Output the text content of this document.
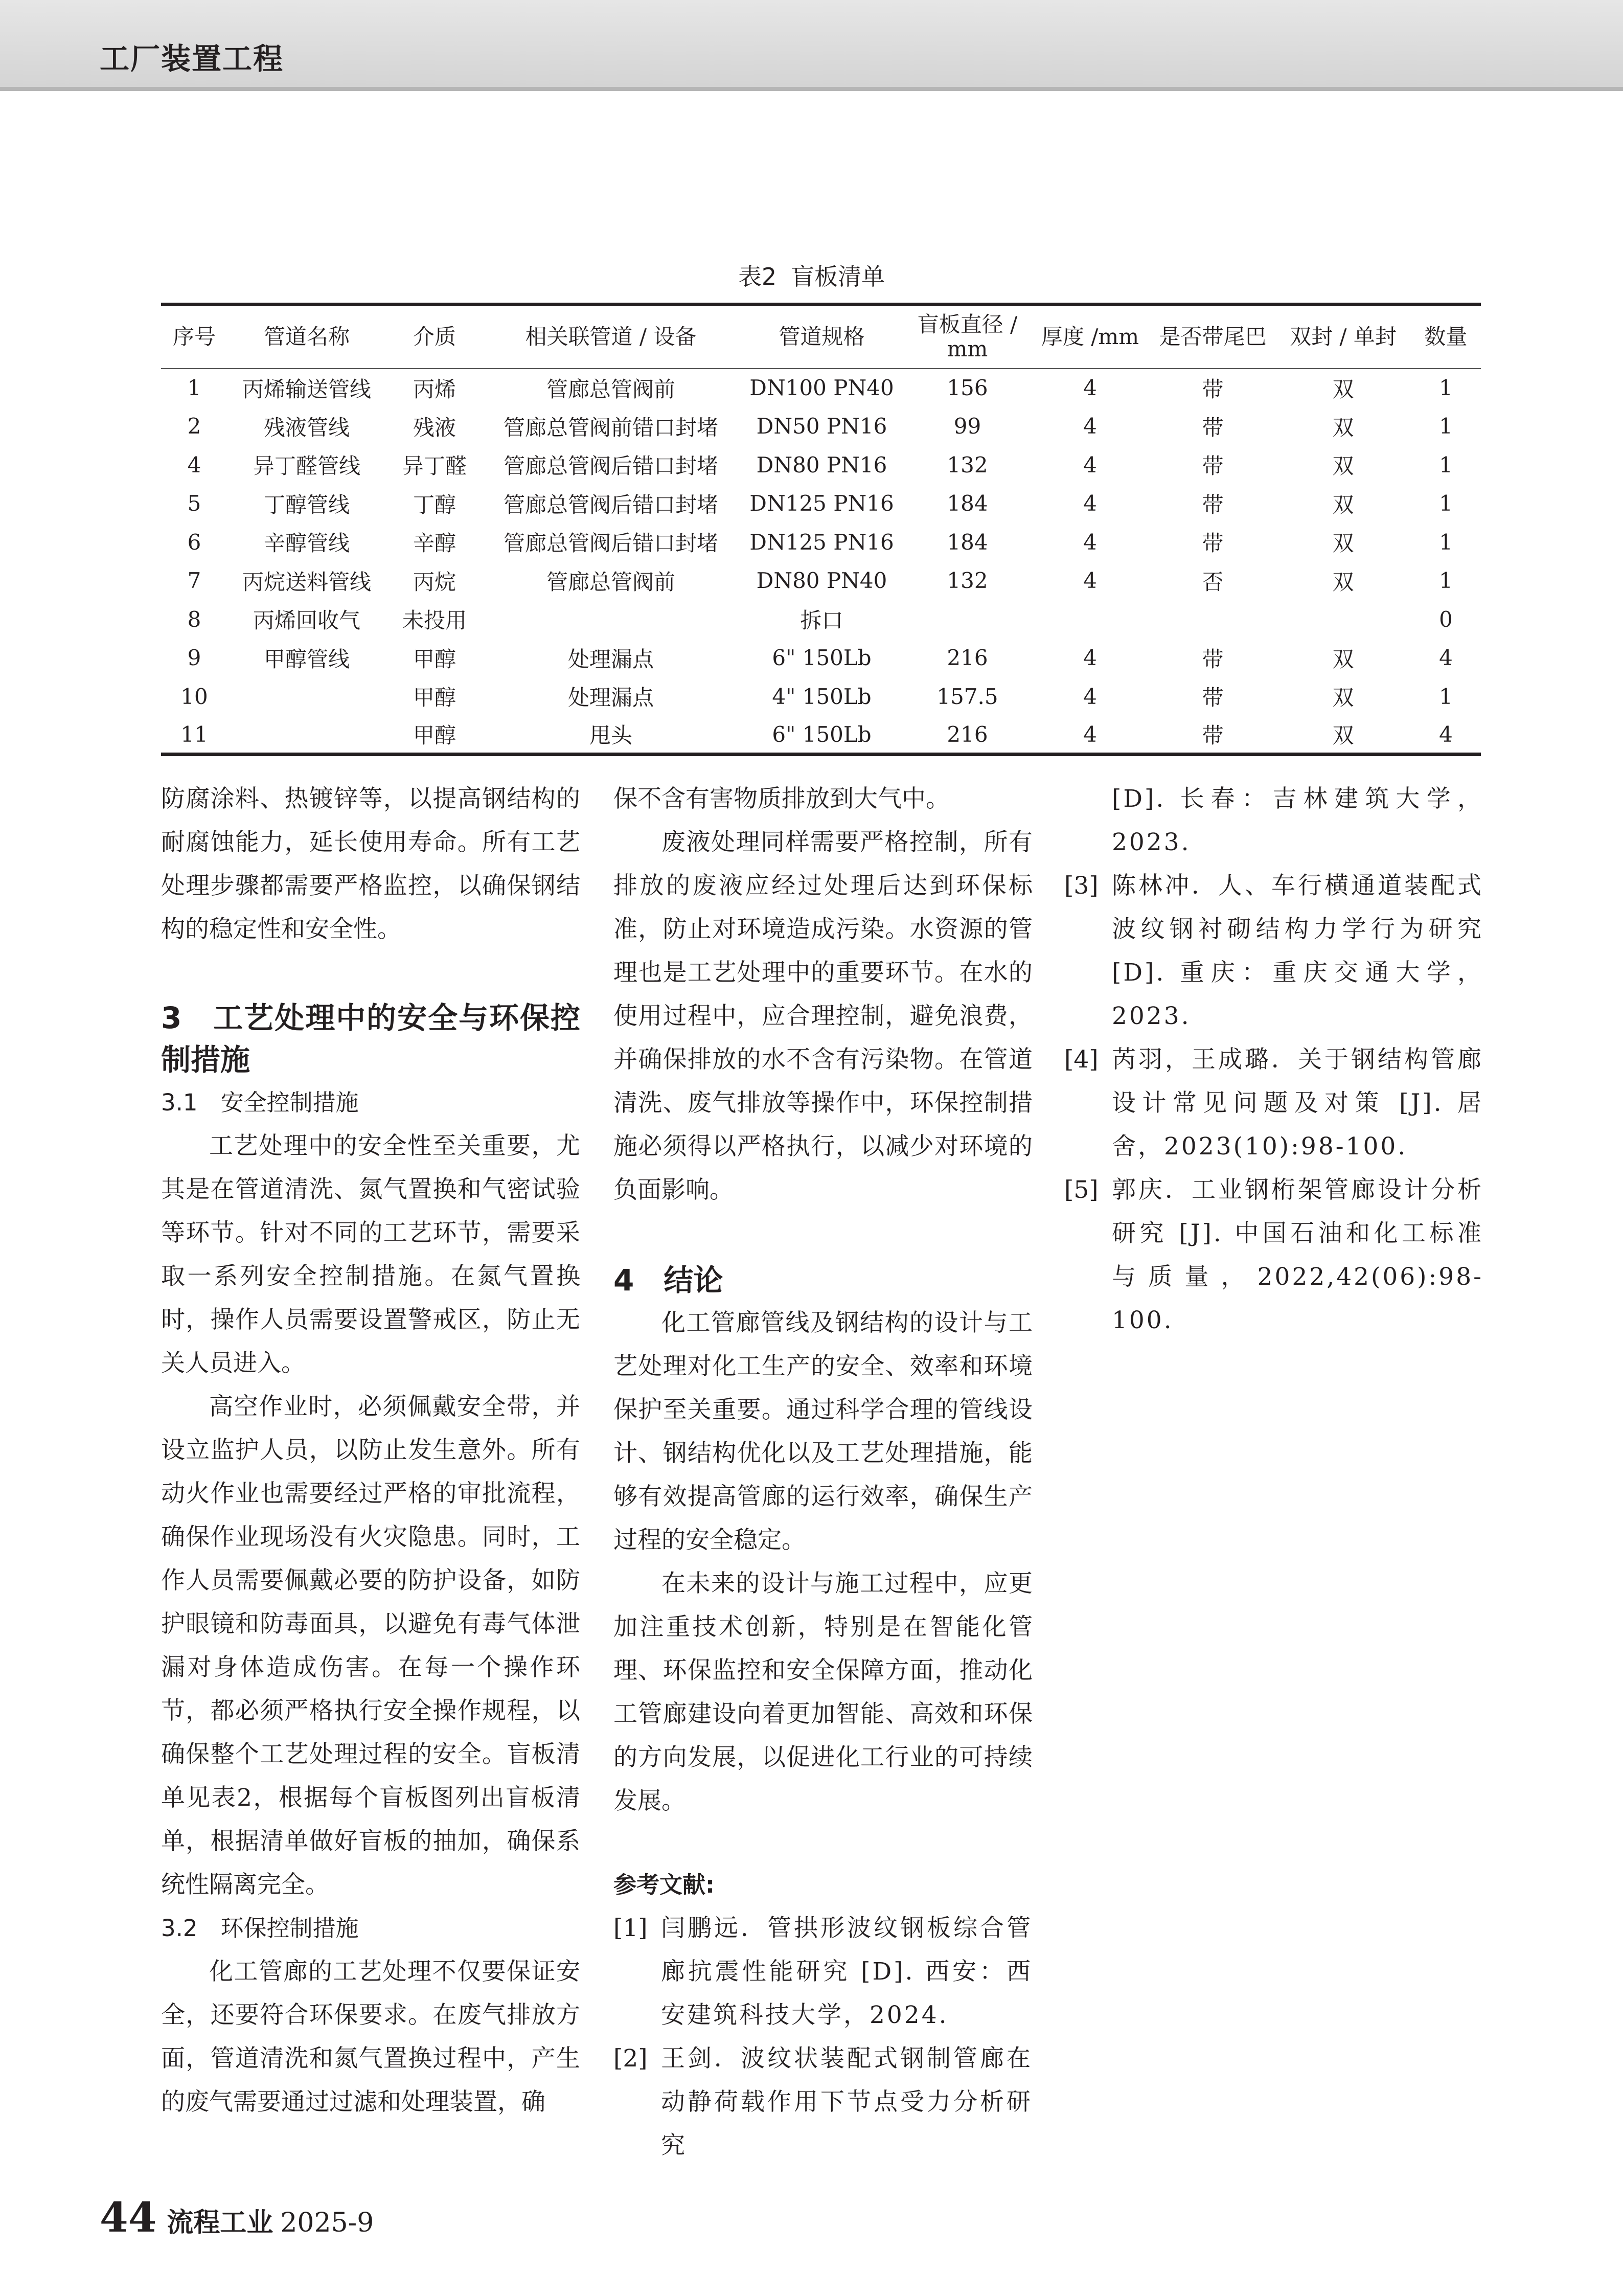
工厂装置工程
表2 盲板清单
序号	管道名称	介质	相关联管道 / 设备	管道规格	盲板直径 / mm	厚度 /mm	是否带尾巴	双封 / 单封	数量
1	丙烯输送管线	丙烯	管廊总管阀前	DN100 PN40	156	4	带	双	1
2	残液管线	残液	管廊总管阀前错口封堵	DN50 PN16	99	4	带	双	1
4	异丁醛管线	异丁醛	管廊总管阀后错口封堵	DN80 PN16	132	4	带	双	1
5	丁醇管线	丁醇	管廊总管阀后错口封堵	DN125 PN16	184	4	带	双	1
6	辛醇管线	辛醇	管廊总管阀后错口封堵	DN125 PN16	184	4	带	双	1
7	丙烷送料管线	丙烷	管廊总管阀前	DN80 PN40	132	4	否	双	1
8	丙烯回收气	未投用		拆口					0
9	甲醇管线	甲醇	处理漏点	6" 150Lb	216	4	带	双	4
10		甲醇	处理漏点	4" 150Lb	157.5	4	带	双	1
11		甲醇	甩头	6" 150Lb	216	4	带	双	4

防腐涂料、热镀锌等，以提高钢结构的耐腐蚀能力，延长使用寿命。所有工艺处理步骤都需要严格监控，以确保钢结构的稳定性和安全性。

3　工艺处理中的安全与环保控制措施
3.1　安全控制措施

工艺处理中的安全性至关重要，尤其是在管道清洗、氮气置换和气密试验等环节。针对不同的工艺环节，需要采取一系列安全控制措施。在氮气置换时，操作人员需要设置警戒区，防止无关人员进入。

高空作业时，必须佩戴安全带，并设立监护人员，以防止发生意外。所有动火作业也需要经过严格的审批流程，确保作业现场没有火灾隐患。同时，工作人员需要佩戴必要的防护设备，如防护眼镜和防毒面具，以避免有毒气体泄漏对身体造成伤害。在每一个操作环节，都必须严格执行安全操作规程，以确保整个工艺处理过程的安全。盲板清单见表2，根据每个盲板图列出盲板清单，根据清单做好盲板的抽加，确保系统性隔离完全。

3.2　环保控制措施

化工管廊的工艺处理不仅要保证安全，还要符合环保要求。在废气排放方面，管道清洗和氮气置换过程中，产生的废气需要通过过滤和处理装置，确

保不含有害物质排放到大气中。

废液处理同样需要严格控制，所有排放的废液应经过处理后达到环保标准，防止对环境造成污染。水资源的管理也是工艺处理中的重要环节。在水的使用过程中，应合理控制，避免浪费，并确保排放的水不含有污染物。在管道清洗、废气排放等操作中，环保控制措施必须得以严格执行，以减少对环境的负面影响。

4　结论

化工管廊管线及钢结构的设计与工艺处理对化工生产的安全、效率和环境保护至关重要。通过科学合理的管线设计、钢结构优化以及工艺处理措施，能够有效提高管廊的运行效率，确保生产过程的安全稳定。

在未来的设计与施工过程中，应更加注重技术创新，特别是在智能化管理、环保监控和安全保障方面，推动化工管廊建设向着更加智能、高效和环保的方向发展，以促进化工行业的可持续发展。

参考文献:
[1] 闫鹏远．管拱形波纹钢板综合管廊抗震性能研究 [D]. 西安：西安建筑科技大学，2024.
[2] 王剑．波纹状装配式钢制管廊在动静荷载作用下节点受力分析研究
[D]. 长春：吉林建筑大学，2023.
[3] 陈林冲．人、车行横通道装配式波纹钢衬砌结构力学行为研究 [D]. 重庆：重庆交通大学，2023.
[4] 芮羽，王成璐．关于钢结构管廊设计常见问题及对策 [J]. 居舍，2023(10):98-100.
[5] 郭庆．工业钢桁架管廊设计分析研究 [J]. 中国石油和化工标准与质量，2022,42(06):98-100.
44 流程工业 2025-9
